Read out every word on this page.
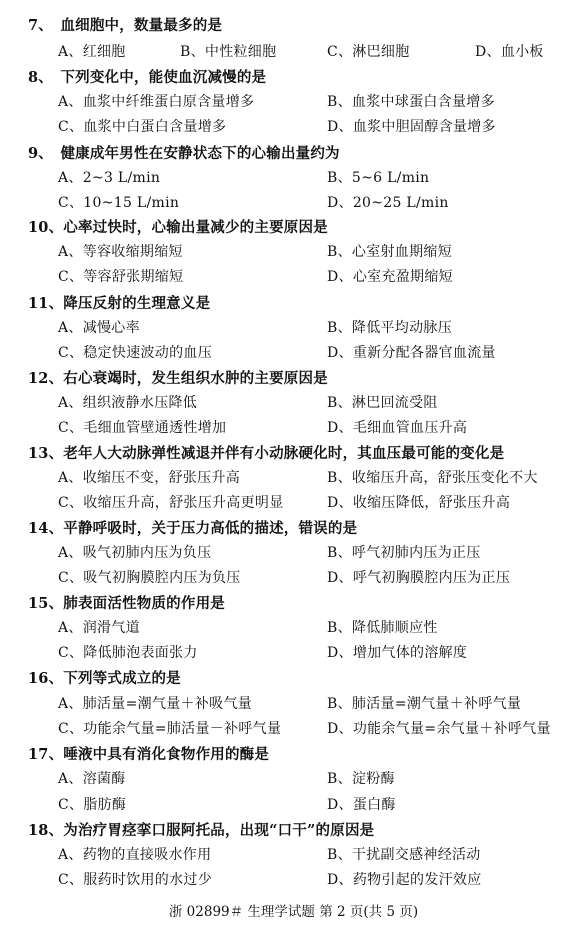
7、　血细胞中，数量最多的是
A、红细胞	B、中性粒细胞	C、淋巴细胞	D、血小板
8、　下列变化中，能使血沉减慢的是
A、血浆中纤维蛋白原含量增多	B、血浆中球蛋白含量增多
C、血浆中白蛋白含量增多	D、血浆中胆固醇含量增多
9、　健康成年男性在安静状态下的心输出量约为
A、2~3 L/min	B、5~6 L/min
C、10~15 L/min	D、20~25 L/min
10、心率过快时，心输出量减少的主要原因是
A、等容收缩期缩短	B、心室射血期缩短
C、等容舒张期缩短	D、心室充盈期缩短
11、降压反射的生理意义是
A、减慢心率	B、降低平均动脉压
C、稳定快速波动的血压	D、重新分配各器官血流量
12、右心衰竭时，发生组织水肿的主要原因是
A、组织液静水压降低	B、淋巴回流受阻
C、毛细血管壁通透性增加	D、毛细血管血压升高
13、老年人大动脉弹性减退并伴有小动脉硬化时，其血压最可能的变化是
A、收缩压不变，舒张压升高	B、收缩压升高，舒张压变化不大
C、收缩压升高，舒张压升高更明显	D、收缩压降低，舒张压升高
14、平静呼吸时，关于压力高低的描述，错误的是
A、吸气初肺内压为负压	B、呼气初肺内压为正压
C、吸气初胸膜腔内压为负压	D、呼气初胸膜腔内压为正压
15、肺表面活性物质的作用是
A、润滑气道	B、降低肺顺应性
C、降低肺泡表面张力	D、增加气体的溶解度
16、下列等式成立的是
A、肺活量=潮气量＋补吸气量	B、肺活量=潮气量＋补呼气量
C、功能余气量=肺活量－补呼气量	D、功能余气量=余气量＋补呼气量
17、唾液中具有消化食物作用的酶是
A、溶菌酶	B、淀粉酶
C、脂肪酶	D、蛋白酶
18、为治疗胃痉挛口服阿托品，出现“口干”的原因是
A、药物的直接吸水作用	B、干扰副交感神经活动
C、服药时饮用的水过少	D、药物引起的发汗效应
浙 02899＃ 生理学试题 第 2 页(共 5 页)
